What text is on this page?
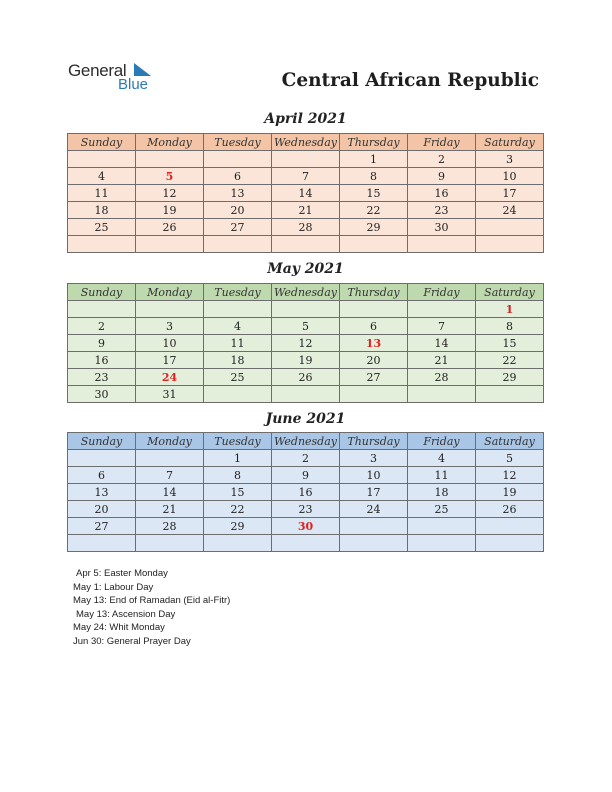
General
Blue	Central African Republic
April 2021
Sunday	Monday	Tuesday	Wednesday	Thursday	Friday	Saturday
				1	2	3
4	5	6	7	8	9	10
11	12	13	14	15	16	17
18	19	20	21	22	23	24
25	26	27	28	29	30	

May 2021
Sunday	Monday	Tuesday	Wednesday	Thursday	Friday	Saturday
						1
2	3	4	5	6	7	8
9	10	11	12	13	14	15
16	17	18	19	20	21	22
23	24	25	26	27	28	29
30	31					
June 2021
Sunday	Monday	Tuesday	Wednesday	Thursday	Friday	Saturday
		1	2	3	4	5
6	7	8	9	10	11	12
13	14	15	16	17	18	19
20	21	22	23	24	25	26
27	28	29	30			

Apr 5: Easter Monday
May 1: Labour Day
May 13: End of Ramadan (Eid al-Fitr)
May 13: Ascension Day
May 24: Whit Monday
Jun 30: General Prayer Day
